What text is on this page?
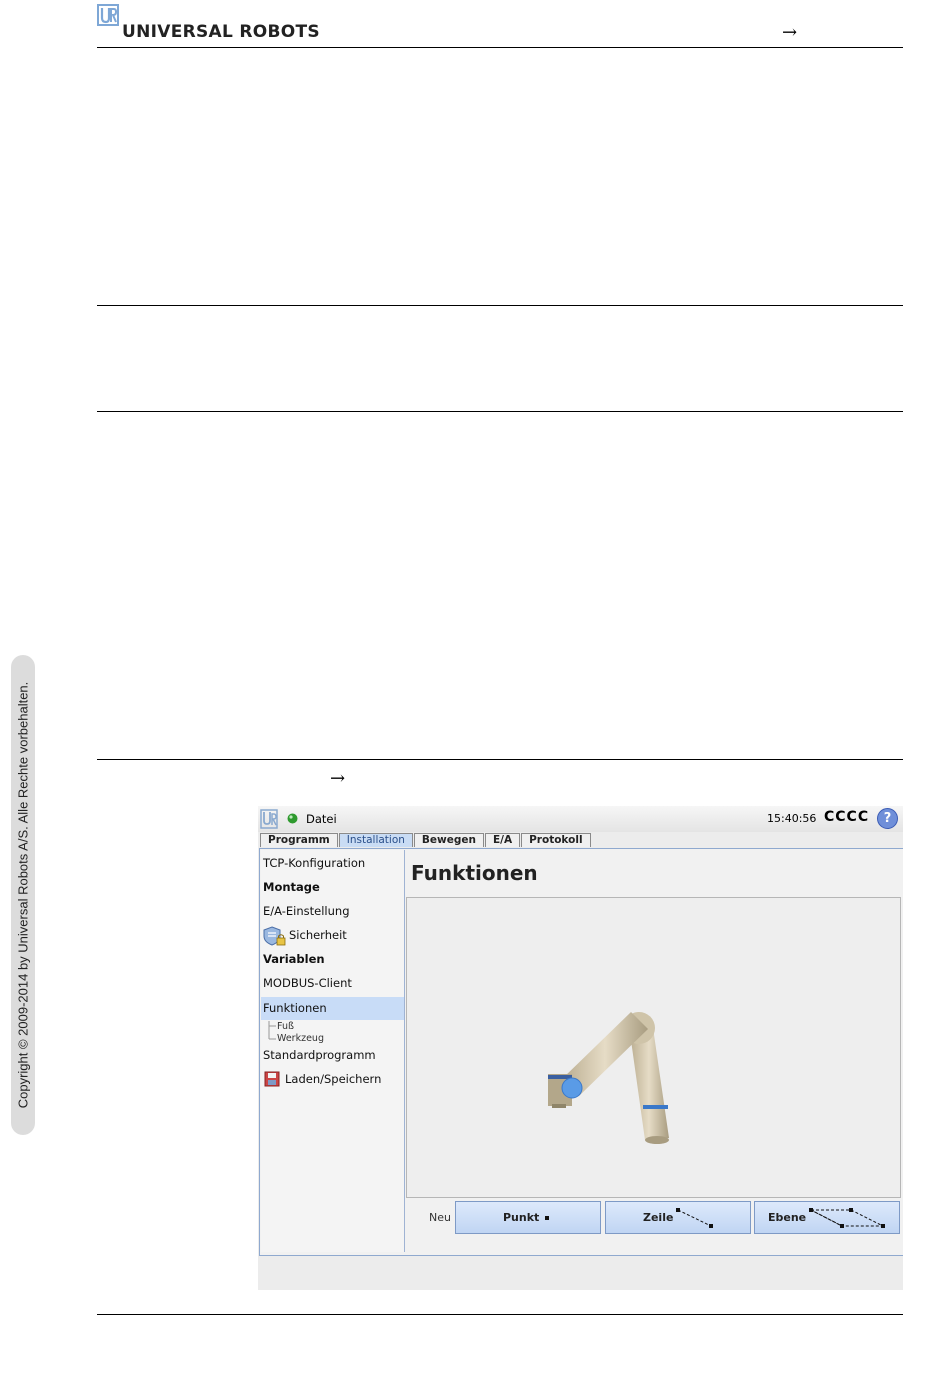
UNIVERSAL ROBOTS	→
→
Copyright © 2009-2014 by Universal Robots A/S. Alle Rechte vorbehalten.	Datei	15:40:56 CCCC	?
Programm	Installation	Bewegen	E/A	Protokoll
TCP-Konfiguration
Montage
E/A-Einstellung
Sicherheit
Variablen
MODBUS-Client
Funktionen
Fuß
Werkzeug
Standardprogramm
Laden/Speichern
Funktionen
Neu	Punkt	Zeile	Ebene
